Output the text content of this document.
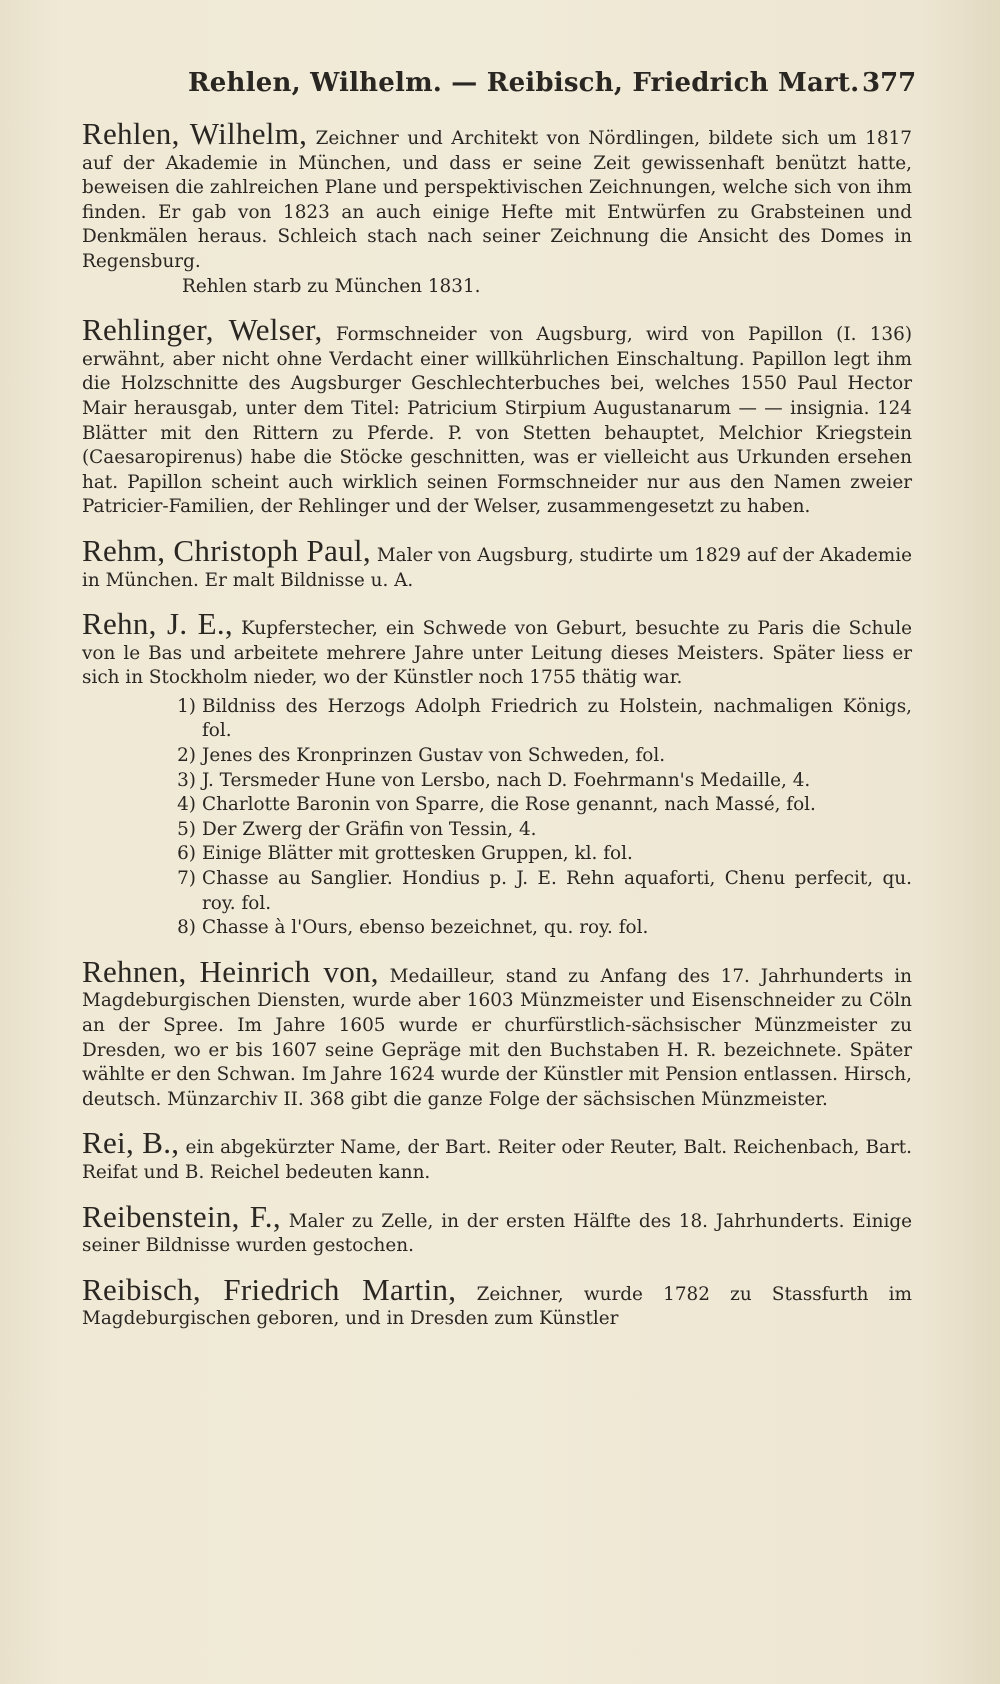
Rehlen, Wilhelm. — Reibisch, Friedrich Mart. 377

Rehlen, Wilhelm, Zeichner und Architekt von Nördlingen, bildete sich um 1817 auf der Akademie in München, und dass er seine Zeit gewissenhaft benützt hatte, beweisen die zahlreichen Plane und perspektivischen Zeichnungen, welche sich von ihm finden. Er gab von 1823 an auch einige Hefte mit Entwürfen zu Grabsteinen und Denkmälen heraus. Schleich stach nach seiner Zeichnung die Ansicht des Domes in Regensburg.

Rehlen starb zu München 1831.

Rehlinger, Welser, Formschneider von Augsburg, wird von Papillon (I. 136) erwähnt, aber nicht ohne Verdacht einer willkührlichen Einschaltung. Papillon legt ihm die Holzschnitte des Augsburger Geschlechterbuches bei, welches 1550 Paul Hector Mair herausgab, unter dem Titel: Patricium Stirpium Augustanarum — — insignia. 124 Blätter mit den Rittern zu Pferde. P. von Stetten behauptet, Melchior Kriegstein (Caesaropirenus) habe die Stöcke geschnitten, was er vielleicht aus Urkunden ersehen hat. Papillon scheint auch wirklich seinen Formschneider nur aus den Namen zweier Patricier-Familien, der Rehlinger und der Welser, zusammengesetzt zu haben.

Rehm, Christoph Paul, Maler von Augsburg, studirte um 1829 auf der Akademie in München. Er malt Bildnisse u. A.

Rehn, J. E., Kupferstecher, ein Schwede von Geburt, besuchte zu Paris die Schule von le Bas und arbeitete mehrere Jahre unter Leitung dieses Meisters. Später liess er sich in Stockholm nieder, wo der Künstler noch 1755 thätig war.

1) Bildniss des Herzogs Adolph Friedrich zu Holstein, nachmaligen Königs, fol.
2) Jenes des Kronprinzen Gustav von Schweden, fol.
3) J. Tersmeder Hune von Lersbo, nach D. Foehrmann's Medaille, 4.
4) Charlotte Baronin von Sparre, die Rose genannt, nach Massé, fol.
5) Der Zwerg der Gräfin von Tessin, 4.
6) Einige Blätter mit grottesken Gruppen, kl. fol.
7) Chasse au Sanglier. Hondius p. J. E. Rehn aquaforti, Chenu perfecit, qu. roy. fol.
8) Chasse à l'Ours, ebenso bezeichnet, qu. roy. fol.

Rehnen, Heinrich von, Medailleur, stand zu Anfang des 17. Jahrhunderts in Magdeburgischen Diensten, wurde aber 1603 Münzmeister und Eisenschneider zu Cöln an der Spree. Im Jahre 1605 wurde er churfürstlich-sächsischer Münzmeister zu Dresden, wo er bis 1607 seine Gepräge mit den Buchstaben H. R. bezeichnete. Später wählte er den Schwan. Im Jahre 1624 wurde der Künstler mit Pension entlassen. Hirsch, deutsch. Münzarchiv II. 368 gibt die ganze Folge der sächsischen Münzmeister.

Rei, B., ein abgekürzter Name, der Bart. Reiter oder Reuter, Balt. Reichenbach, Bart. Reifat und B. Reichel bedeuten kann.

Reibenstein, F., Maler zu Zelle, in der ersten Hälfte des 18. Jahrhunderts. Einige seiner Bildnisse wurden gestochen.

Reibisch, Friedrich Martin, Zeichner, wurde 1782 zu Stassfurth im Magdeburgischen geboren, und in Dresden zum Künstler
